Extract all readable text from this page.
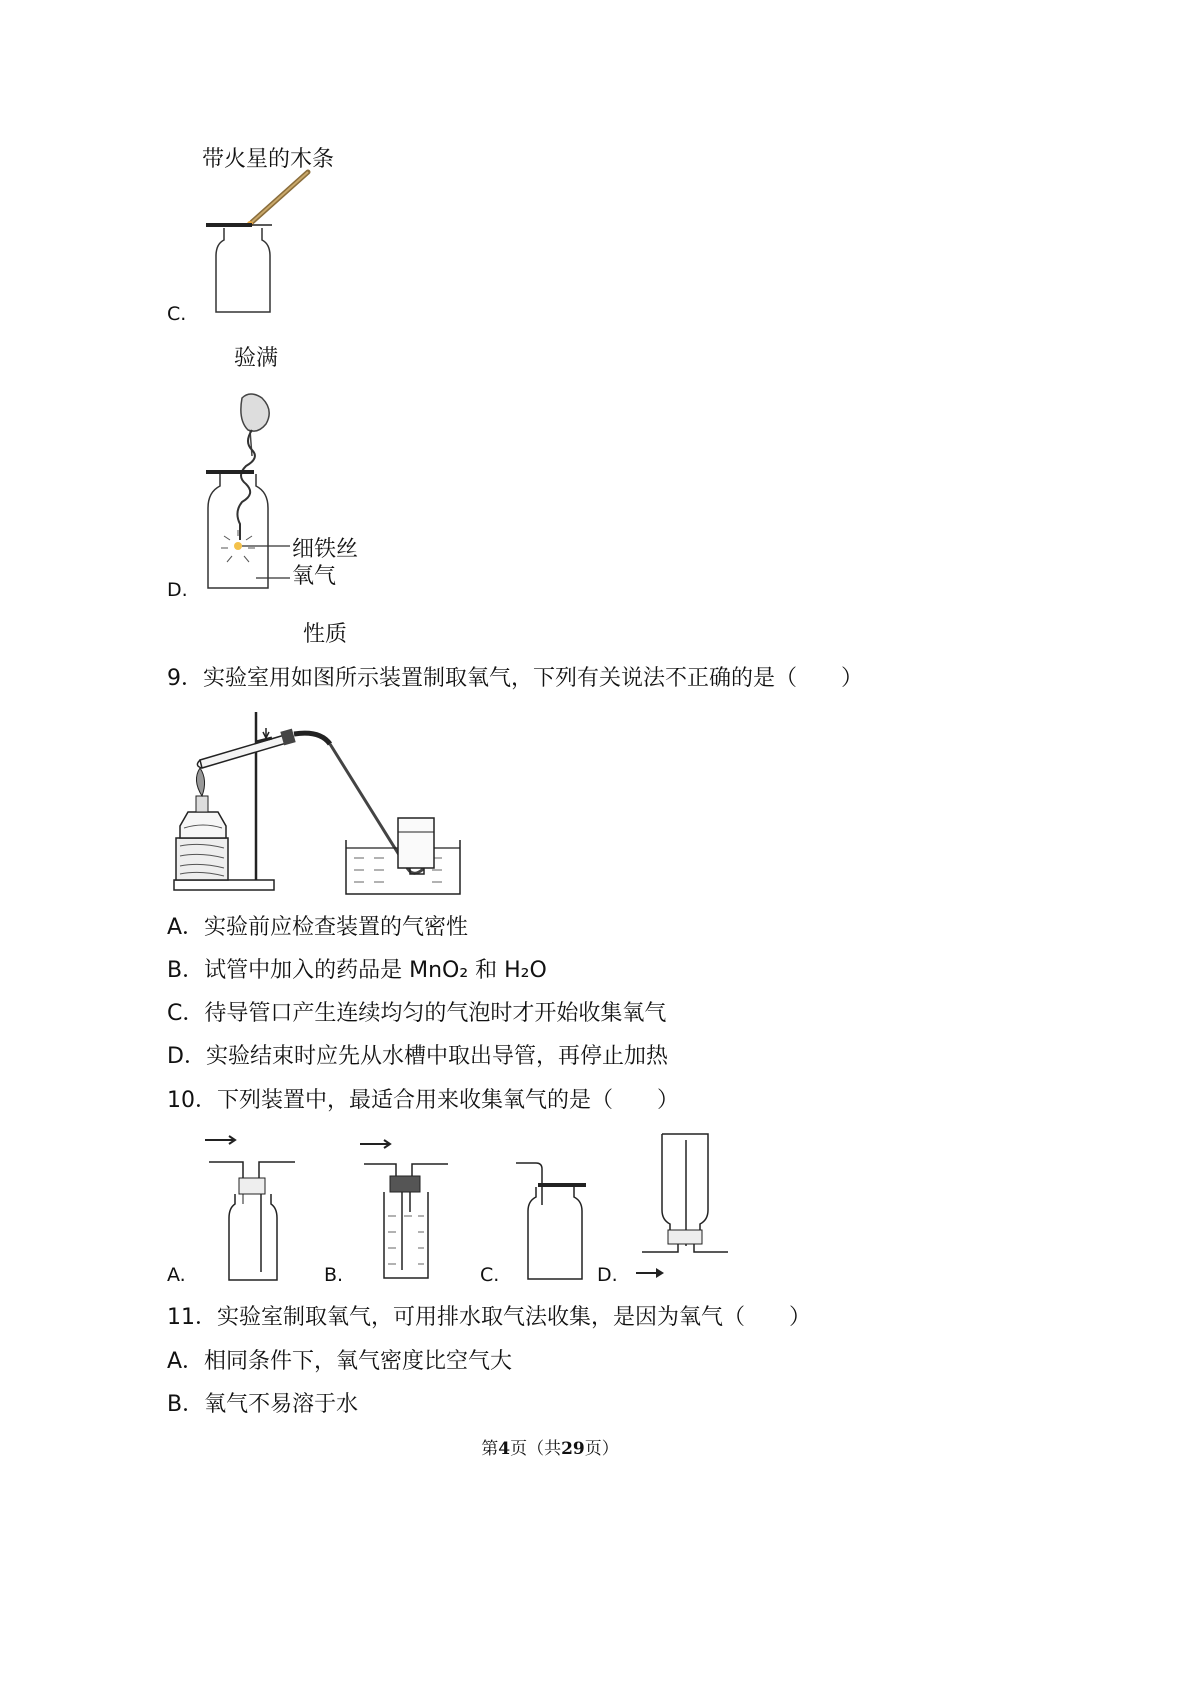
带火星的木条
C.
验满
细铁丝
氧气
D.
性质
9．实验室用如图所示装置制取氧气，下列有关说法不正确的是（　　）
A．实验前应检查装置的气密性
B．试管中加入的药品是 MnO₂ 和 H₂O
C．待导管口产生连续均匀的气泡时才开始收集氧气
D．实验结束时应先从水槽中取出导管，再停止加热
10．下列装置中，最适合用来收集氧气的是（　　）
A.	B.	C.	D.
11．实验室制取氧气，可用排水取气法收集，是因为氧气（　　）
A．相同条件下，氧气密度比空气大
B．氧气不易溶于水
第4页（共29页）
